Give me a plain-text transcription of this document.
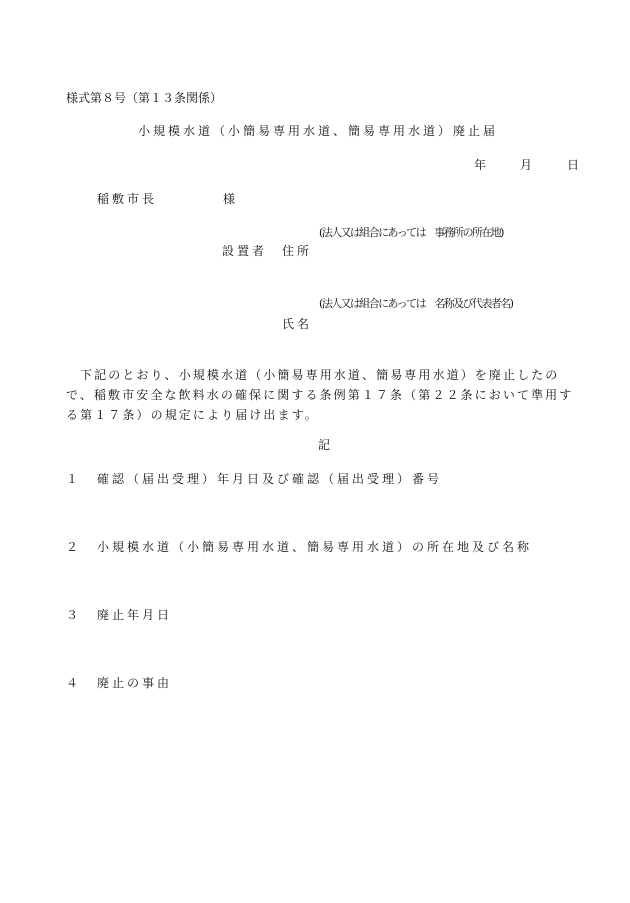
様式第８号（第１３条関係）
小規模水道（小簡易専用水道、簡易専用水道）廃止届
年	月	日
稲敷市長	様
(法人又は組合にあっては　事務所の所在地)
設置者 住所
(法人又は組合にあっては　名称及び代表者名)
氏名
下記のとおり、小規模水道（小簡易専用水道、簡易専用水道）を廃止したので、稲敷市安全な飲料水の確保に関する条例第１７条（第２２条において準用する第１７条）の規定により届け出ます。
記
１ 確認（届出受理）年月日及び確認（届出受理）番号
２ 小規模水道（小簡易専用水道、簡易専用水道）の所在地及び名称
３ 廃止年月日
４ 廃止の事由
